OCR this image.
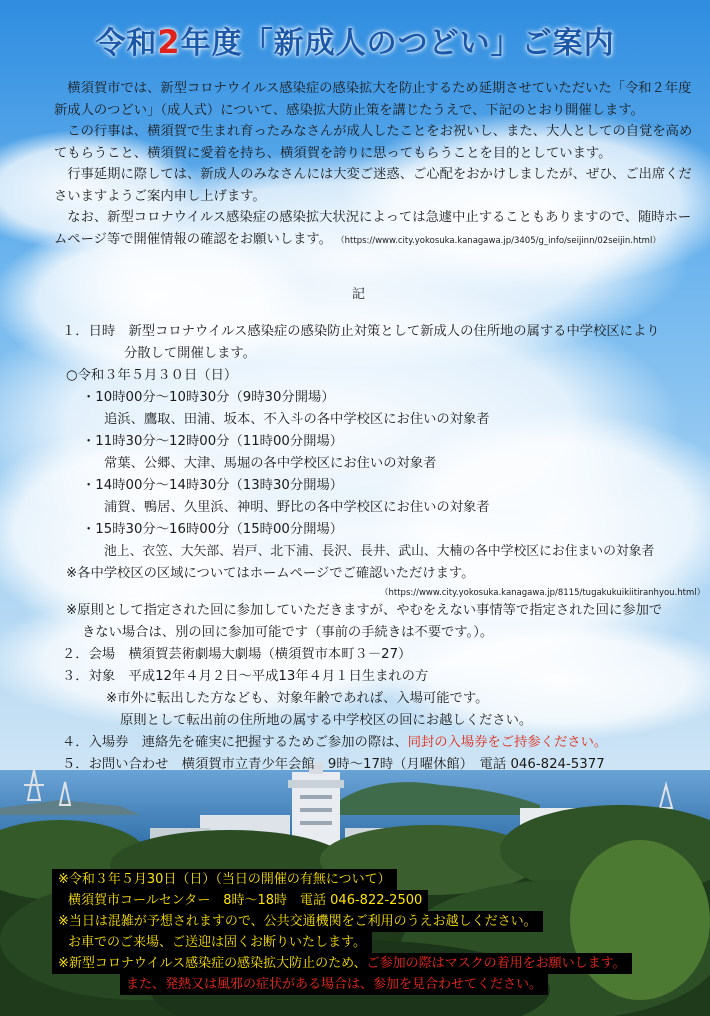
令和2年度「新成人のつどい」ご案内
　横須賀市では、新型コロナウイルス感染症の感染拡大を防止するため延期させていただいた「令和２年度新成人のつどい」（成人式）について、感染拡大防止策を講じたうえで、下記のとおり開催します。
　この行事は、横須賀で生まれ育ったみなさんが成人したことをお祝いし、また、大人としての自覚を高めてもらうこと、横須賀に愛着を持ち、横須賀を誇りに思ってもらうことを目的としています。
　行事延期に際しては、新成人のみなさんには大変ご迷惑、ご心配をおかけしましたが、ぜひ、ご出席くださいますようご案内申し上げます。
　なお、新型コロナウイルス感染症の感染拡大状況によっては急遽中止することもありますので、随時ホームページ等で開催情報の確認をお願いします。 （https://www.city.yokosuka.kanagawa.jp/3405/g_info/seijinn/02seijin.html）
記
１．日時　新型コロナウイルス感染症の感染防止対策として新成人の住所地の属する中学校区により
分散して開催します。
○令和３年５月３０日（日）
・10時00分～10時30分（9時30分開場）
追浜、鷹取、田浦、坂本、不入斗の各中学校区にお住いの対象者
・11時30分～12時00分（11時00分開場）
常葉、公郷、大津、馬堀の各中学校区にお住いの対象者
・14時00分～14時30分（13時30分開場）
浦賀、鴨居、久里浜、神明、野比の各中学校区にお住いの対象者
・15時30分～16時00分（15時00分開場）
池上、衣笠、大矢部、岩戸、北下浦、長沢、長井、武山、大楠の各中学校区にお住まいの対象者
※各中学校区の区域についてはホームページでご確認いただけます。
（https://www.city.yokosuka.kanagawa.jp/8115/tugakukuikiitiranhyou.html）
※原則として指定された回に参加していただきますが、やむをえない事情等で指定された回に参加で
きない場合は、別の回に参加可能です（事前の手続きは不要です。）。
２．会場　横須賀芸術劇場大劇場（横須賀市本町３－27）
３．対象　平成12年４月２日～平成13年４月１日生まれの方
※市外に転出した方なども、対象年齢であれば、入場可能です。
原則として転出前の住所地の属する中学校区の回にお越しください。
４．入場券　連絡先を確実に把握するためご参加の際は、同封の入場券をご持参ください。
５．お問い合わせ　横須賀市立青少年会館　9時～17時（月曜休館）　電話 046-824-5377
※令和３年５月30日（日）（当日の開催の有無について）
横須賀市コールセンター　8時～18時　電話 046-822-2500
※当日は混雑が予想されますので、公共交通機関をご利用のうえお越しください。
お車でのご来場、ご送迎は固くお断りいたします。
※新型コロナウイルス感染症の感染拡大防止のため、ご参加の際はマスクの着用をお願いします。
また、発熱又は風邪の症状がある場合は、参加を見合わせてください。
